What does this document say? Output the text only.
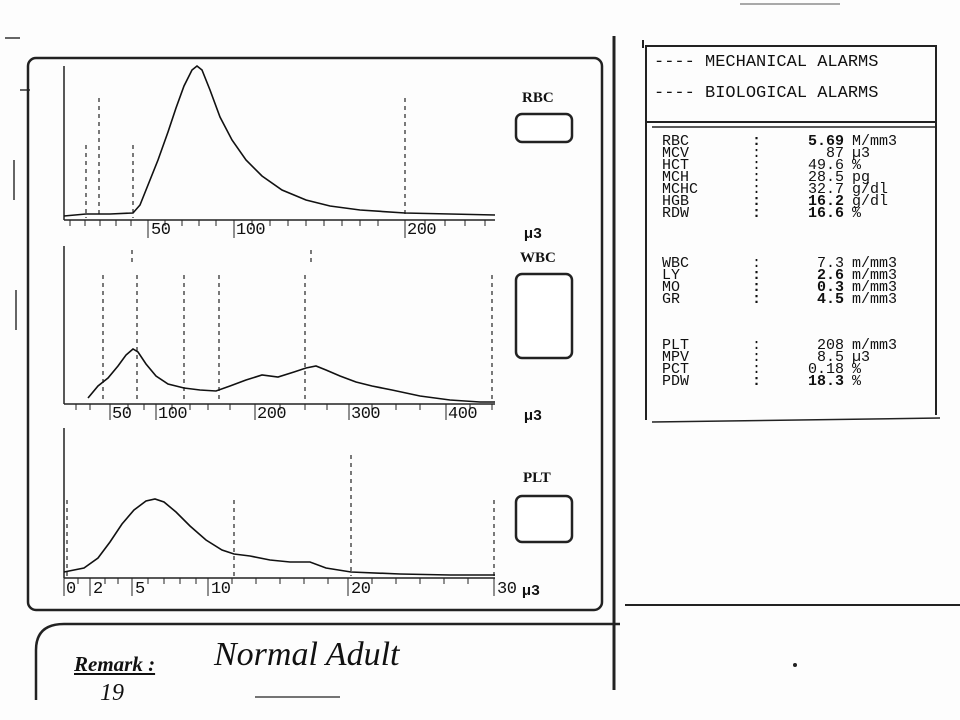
---- MECHANICAL ALARMS
---- BIOLOGICAL ALARMS
RBC	:	5.69 M/mm3
MCV	:	87 µ3
HCT	:	49.6 %
MCH	:	28.5 pg
MCHC	:	32.7 g/dl
HGB	:	16.2 g/dl
RDW	:	16.6 %
WBC	:	7.3 m/mm3
LY	:	2.6 m/mm3
MO	:	0.3 m/mm3
GR	:	4.5 m/mm3
PLT	:	208 m/mm3
MPV	:	8.5 µ3
PCT	:	0.18 %
PDW	:	18.3 %
RBC
WBC
PLT
50	100	200	µ3
50 100	200	300	400	µ3
0 2 5	10	20	30 µ3
Remark : Normal Adult
19
